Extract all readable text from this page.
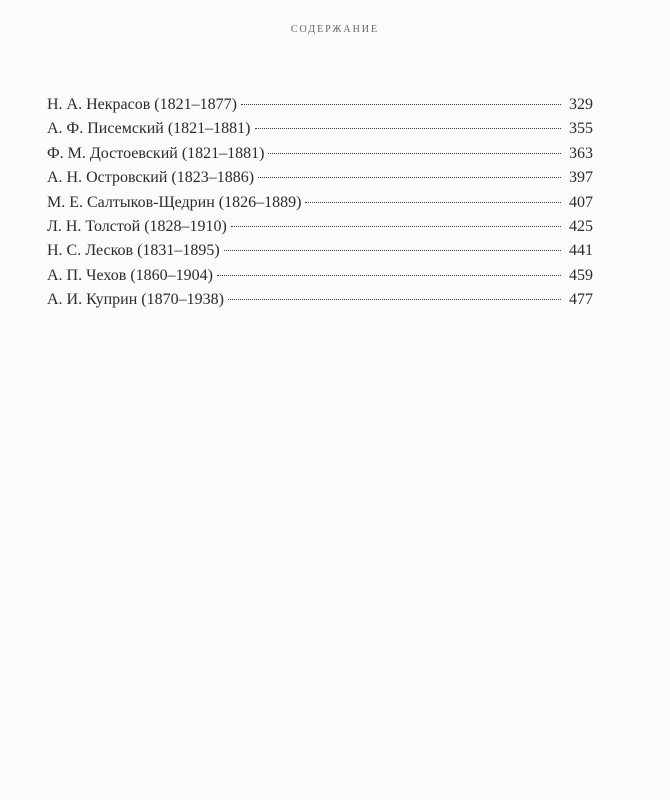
СОДЕРЖАНИЕ
Н. А. Некрасов (1821–1877)	329
А. Ф. Писемский (1821–1881)	355
Ф. М. Достоевский (1821–1881)	363
А. Н. Островский (1823–1886)	397
М. Е. Салтыков-Щедрин (1826–1889)	407
Л. Н. Толстой (1828–1910)	425
Н. С. Лесков (1831–1895)	441
А. П. Чехов (1860–1904)	459
А. И. Куприн (1870–1938)	477
